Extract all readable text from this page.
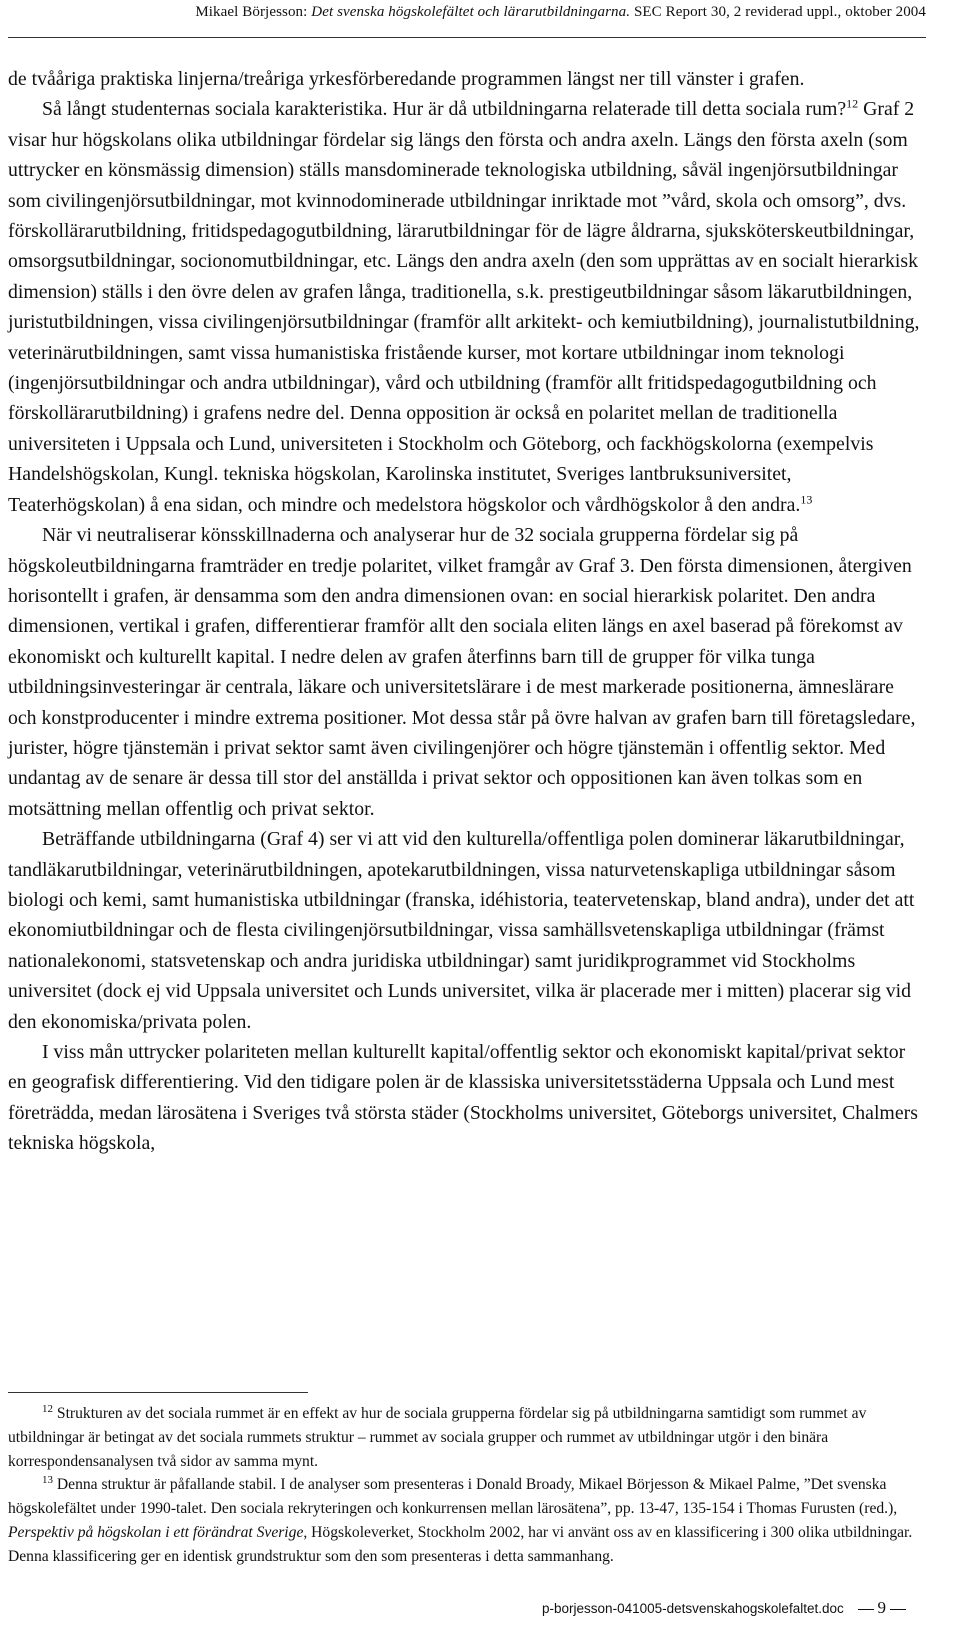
Mikael Börjesson: Det svenska högskolefältet och lärarutbildningarna. SEC Report 30, 2 reviderad uppl., oktober 2004

de tvååriga praktiska linjerna/treåriga yrkesförberedande programmen längst ner till vänster i grafen.

Så långt studenternas sociala karakteristika. Hur är då utbildningarna relaterade till detta sociala rum?$^{12}$ Graf 2 visar hur högskolans olika utbildningar fördelar sig längs den första och andra axeln. Längs den första axeln (som uttrycker en könsmässig dimension) ställs mansdominerade teknologiska utbildning, såväl ingenjörsutbildningar som civilingenjörsutbildningar, mot kvinnodominerade utbildningar inriktade mot ”vård, skola och omsorg”, dvs. förskollärarutbildning, fritidspedagogutbildning, lärarutbildningar för de lägre åldrarna, sjuksköterskeutbildningar, omsorgsutbildningar, socionomutbildningar, etc. Längs den andra axeln (den som upprättas av en socialt hierarkisk dimension) ställs i den övre delen av grafen långa, traditionella, s.k. prestigeutbildningar såsom läkarutbildningen, juristutbildningen, vissa civilingenjörsutbildningar (framför allt arkitekt- och kemiutbildning), journalistutbildning, veterinärutbildningen, samt vissa humanistiska fristående kurser, mot kortare utbildningar inom teknologi (ingenjörsutbildningar och andra utbildningar), vård och utbildning (framför allt fritidspedagogutbildning och förskollärarutbildning) i grafens nedre del. Denna opposition är också en polaritet mellan de traditionella universiteten i Uppsala och Lund, universiteten i Stockholm och Göteborg, och fackhögskolorna (exempelvis Handelshögskolan, Kungl. tekniska högskolan, Karolinska institutet, Sveriges lantbruksuniversitet, Teaterhögskolan) å ena sidan, och mindre och medelstora högskolor och vårdhögskolor å den andra.$^{13}$

När vi neutraliserar könsskillnaderna och analyserar hur de 32 sociala grupperna fördelar sig på högskoleutbildningarna framträder en tredje polaritet, vilket framgår av Graf 3. Den första dimensionen, återgiven horisontellt i grafen, är densamma som den andra dimensionen ovan: en social hierarkisk polaritet. Den andra dimensionen, vertikal i grafen, differentierar framför allt den sociala eliten längs en axel baserad på förekomst av ekonomiskt och kulturellt kapital. I nedre delen av grafen återfinns barn till de grupper för vilka tunga utbildningsinvesteringar är centrala, läkare och universitetslärare i de mest markerade positionerna, ämneslärare och konstproducenter i mindre extrema positioner. Mot dessa står på övre halvan av grafen barn till företagsledare, jurister, högre tjänstemän i privat sektor samt även civilingenjörer och högre tjänstemän i offentlig sektor. Med undantag av de senare är dessa till stor del anställda i privat sektor och oppositionen kan även tolkas som en motsättning mellan offentlig och privat sektor.

Beträffande utbildningarna (Graf 4) ser vi att vid den kulturella/offentliga polen dominerar läkarutbildningar, tandläkarutbildningar, veterinärutbildningen, apotekarutbildningen, vissa naturvetenskapliga utbildningar såsom biologi och kemi, samt humanistiska utbildningar (franska, idéhistoria, teatervetenskap, bland andra), under det att ekonomiutbildningar och de flesta civilingenjörsutbildningar, vissa samhällsvetenskapliga utbildningar (främst nationalekonomi, statsvetenskap och andra juridiska utbildningar) samt juridikprogrammet vid Stockholms universitet (dock ej vid Uppsala universitet och Lunds universitet, vilka är placerade mer i mitten) placerar sig vid den ekonomiska/privata polen.

I viss mån uttrycker polariteten mellan kulturellt kapital/offentlig sektor och ekonomiskt kapital/privat sektor en geografisk differentiering. Vid den tidigare polen är de klassiska universitetsstäderna Uppsala och Lund mest företrädda, medan lärosätena i Sveriges två största städer (Stockholms universitet, Göteborgs universitet, Chalmers tekniska högskola,

$^{12}$ Strukturen av det sociala rummet är en effekt av hur de sociala grupperna fördelar sig på utbildningarna samtidigt som rummet av utbildningar är betingat av det sociala rummets struktur – rummet av sociala grupper och rummet av utbildningar utgör i den binära korrespondensanalysen två sidor av samma mynt.

$^{13}$ Denna struktur är påfallande stabil. I de analyser som presenteras i Donald Broady, Mikael Börjesson & Mikael Palme, ”Det svenska högskolefältet under 1990-talet. Den sociala rekryteringen och konkurrensen mellan lärosätena”, pp. 13-47, 135-154 i Thomas Furusten (red.), Perspektiv på högskolan i ett förändrat Sverige, Högskoleverket, Stockholm 2002, har vi använt oss av en klassificering i 300 olika utbildningar. Denna klassificering ger en identisk grundstruktur som den som presenteras i detta sammanhang.

p-borjesson-041005-detsvenskahogskolefaltet.doc 9
